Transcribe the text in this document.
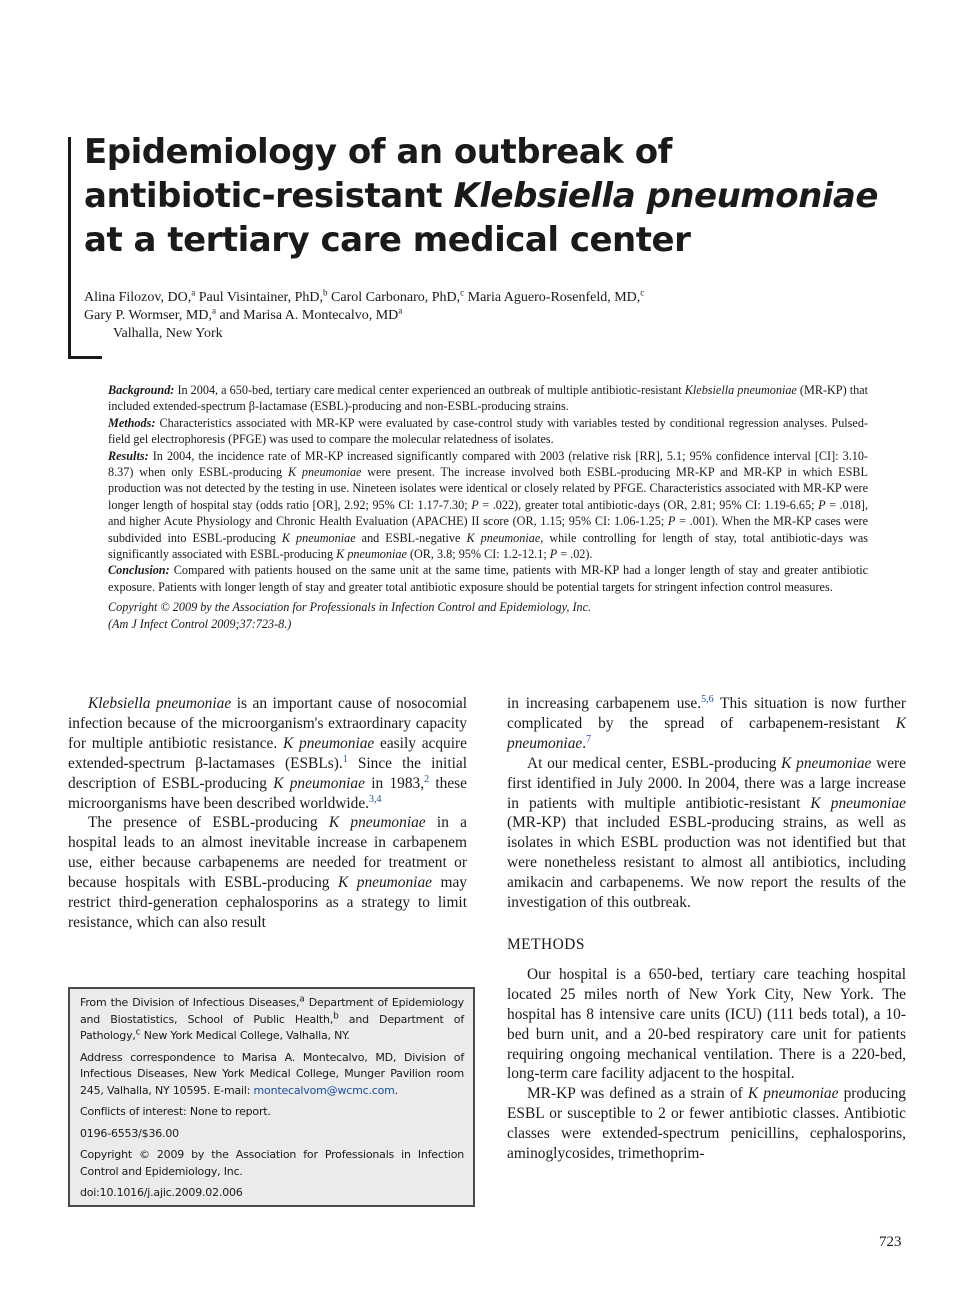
Epidemiology of an outbreak of
antibiotic-resistant Klebsiella pneumoniae
at a tertiary care medical center
Alina Filozov, DO,$^a$ Paul Visintainer, PhD,$^b$ Carol Carbonaro, PhD,$^c$ Maria Aguero-Rosenfeld, MD,$^c$
Gary P. Wormser, MD,$^a$ and Marisa A. Montecalvo, $MD^a$
Valhalla, New York

Background: In 2004, a 650-bed, tertiary care medical center experienced an outbreak of multiple antibiotic-resistant Klebsiella pneumoniae (MR-KP) that included extended-spectrum β-lactamase (ESBL)-producing and non-ESBL-producing strains.

Methods: Characteristics associated with MR-KP were evaluated by case-control study with variables tested by conditional regression analyses. Pulsed-field gel electrophoresis (PFGE) was used to compare the molecular relatedness of isolates.

Results: In 2004, the incidence rate of MR-KP increased significantly compared with 2003 (relative risk [RR], 5.1; 95% confidence interval [CI]: 3.10-8.37) when only ESBL-producing K pneumoniae were present. The increase involved both ESBL-producing MR-KP and MR-KP in which ESBL production was not detected by the testing in use. Nineteen isolates were identical or closely related by PFGE. Characteristics associated with MR-KP were longer length of hospital stay (odds ratio [OR], 2.92; 95% CI: 1.17-7.30; P = .022), greater total antibiotic-days (OR, 2.81; 95% CI: 1.19-6.65; P = .018], and higher Acute Physiology and Chronic Health Evaluation (APACHE) II score (OR, 1.15; 95% CI: 1.06-1.25; P = .001). When the MR-KP cases were subdivided into ESBL-producing K pneumoniae and ESBL-negative K pneumoniae, while controlling for length of stay, total antibiotic-days was significantly associated with ESBL-producing K pneumoniae (OR, 3.8; 95% CI: 1.2-12.1; P = .02).

Conclusion: Compared with patients housed on the same unit at the same time, patients with MR-KP had a longer length of stay and greater antibiotic exposure. Patients with longer length of stay and greater total antibiotic exposure should be potential targets for stringent infection control measures.

Copyright © 2009 by the Association for Professionals in Infection Control and Epidemiology, Inc.

(Am J Infect Control 2009;37:723-8.)

Klebsiella pneumoniae is an important cause of nosocomial infection because of the microorganism's extraordinary capacity for multiple antibiotic resistance. K pneumoniae easily acquire extended-spectrum β-lactamases (ESBLs).$^1$ Since the initial description of ESBL-producing K pneumoniae in 1983,$^2$ these microorganisms have been described worldwide.$^{3,4}$

The presence of ESBL-producing K pneumoniae in a hospital leads to an almost inevitable increase in carbapenem use, either because carbapenems are needed for treatment or because hospitals with ESBL-producing K pneumoniae may restrict third-generation cephalosporins as a strategy to limit resistance, which can also result

in increasing carbapenem use.$^{5,6}$ This situation is now further complicated by the spread of carbapenem-resistant K pneumoniae.$^7$

At our medical center, ESBL-producing K pneumoniae were first identified in July 2000. In 2004, there was a large increase in patients with multiple antibiotic-resistant K pneumoniae (MR-KP) that included ESBL-producing strains, as well as isolates in which ESBL production was not identified but that were nonetheless resistant to almost all antibiotics, including amikacin and carbapenems. We now report the results of the investigation of this outbreak.

METHODS

Our hospital is a 650-bed, tertiary care teaching hospital located 25 miles north of New York City, New York. The hospital has 8 intensive care units (ICU) (111 beds total), a 10-bed burn unit, and a 20-bed respiratory care unit for patients requiring ongoing mechanical ventilation. There is a 220-bed, long-term care facility adjacent to the hospital.

MR-KP was defined as a strain of K pneumoniae producing ESBL or susceptible to 2 or fewer antibiotic classes. Antibiotic classes were extended-spectrum penicillins, cephalosporins, aminoglycosides, trimethoprim-

From the Division of Infectious Diseases,$^a$ Department of Epidemiology and Biostatistics, School of Public Health,$^b$ and Department of Pathology,$^c$ New York Medical College, Valhalla, NY.

Address correspondence to Marisa A. Montecalvo, MD, Division of Infectious Diseases, New York Medical College, Munger Pavilion room 245, Valhalla, NY 10595. E-mail: montecalvom@wcmc.com.

Conflicts of interest: None to report.

0196-6553/$36.00

Copyright © 2009 by the Association for Professionals in Infection Control and Epidemiology, Inc.

doi:10.1016/j.ajic.2009.02.006

723
